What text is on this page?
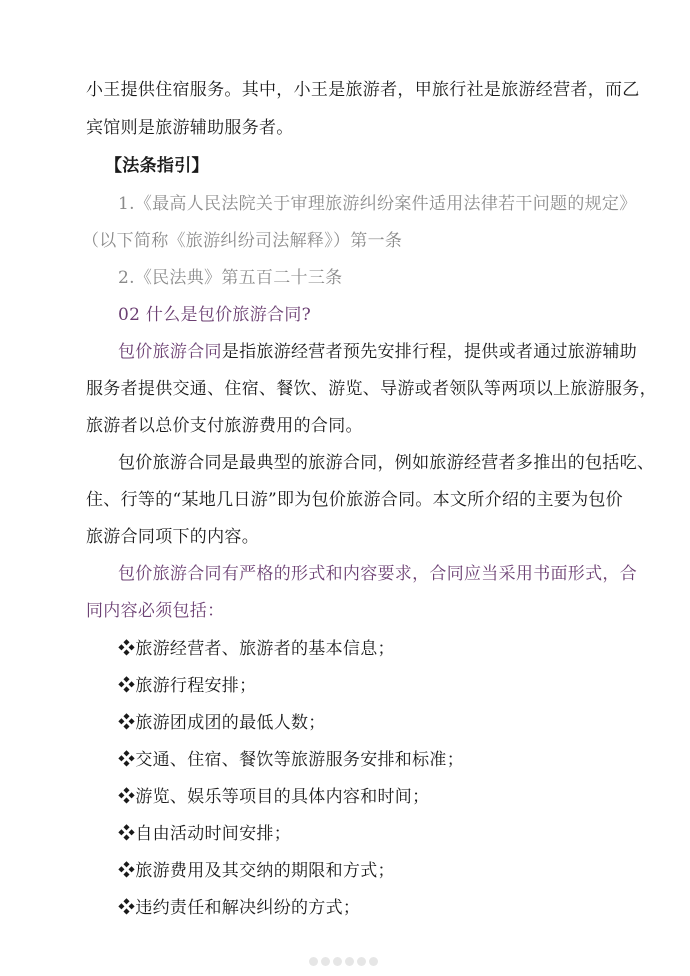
小王提供住宿服务。其中，小王是旅游者，甲旅行社是旅游经营者，而乙
宾馆则是旅游辅助服务者。
【法条指引】
1.《最高人民法院关于审理旅游纠纷案件适用法律若干问题的规定》
（以下简称《旅游纠纷司法解释》）第一条
2.《民法典》第五百二十三条
02 什么是包价旅游合同?
包价旅游合同是指旅游经营者预先安排行程，提供或者通过旅游辅助
服务者提供交通、住宿、餐饮、游览、导游或者领队等两项以上旅游服务，
旅游者以总价支付旅游费用的合同。
包价旅游合同是最典型的旅游合同，例如旅游经营者多推出的包括吃、
住、行等的“某地几日游”即为包价旅游合同。本文所介绍的主要为包价
旅游合同项下的内容。
包价旅游合同有严格的形式和内容要求，合同应当采用书面形式，合
同内容必须包括：
❖旅游经营者、旅游者的基本信息；
❖旅游行程安排；
❖旅游团成团的最低人数；
❖交通、住宿、餐饮等旅游服务安排和标准；
❖游览、娱乐等项目的具体内容和时间；
❖自由活动时间安排；
❖旅游费用及其交纳的期限和方式；
❖违约责任和解决纠纷的方式；
